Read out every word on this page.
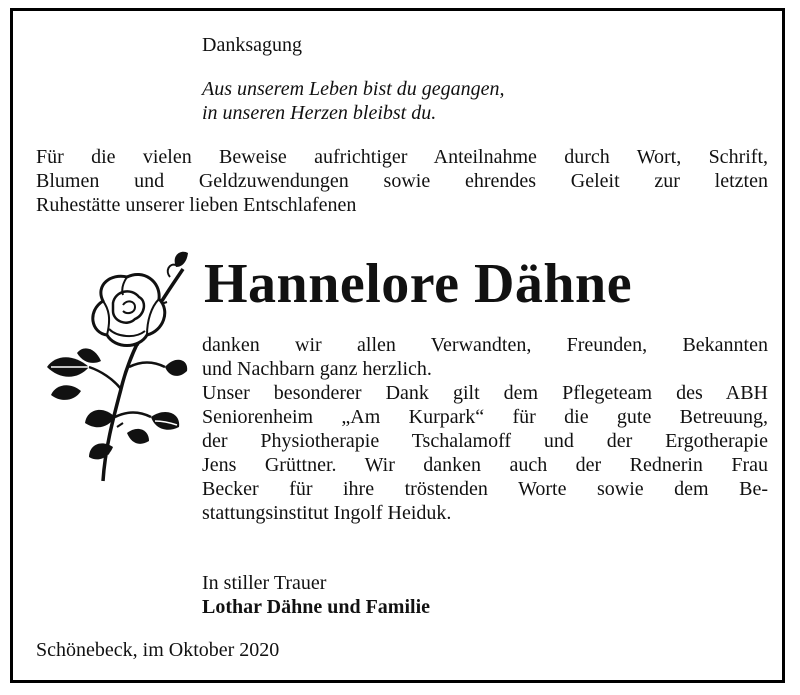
Danksagung
Aus unserem Leben bist du gegangen,
in unseren Herzen bleibst du.
Für die vielen Beweise aufrichtiger Anteilnahme durch Wort, Schrift,
Blumen und Geldzuwendungen sowie ehrendes Geleit zur letzten
Ruhestätte unserer lieben Entschlafenen
Hannelore Dähne
danken wir allen Verwandten, Freunden, Bekannten
und Nachbarn ganz herzlich.
Unser besonderer Dank gilt dem Pflegeteam des ABH
Seniorenheim „Am Kurpark“ für die gute Betreuung,
der Physiotherapie Tschalamoff und der Ergotherapie
Jens Grüttner. Wir danken auch der Rednerin Frau
Becker für ihre tröstenden Worte sowie dem Be-
stattungsinstitut Ingolf Heiduk.
In stiller Trauer
Lothar Dähne und Familie
Schönebeck, im Oktober 2020
